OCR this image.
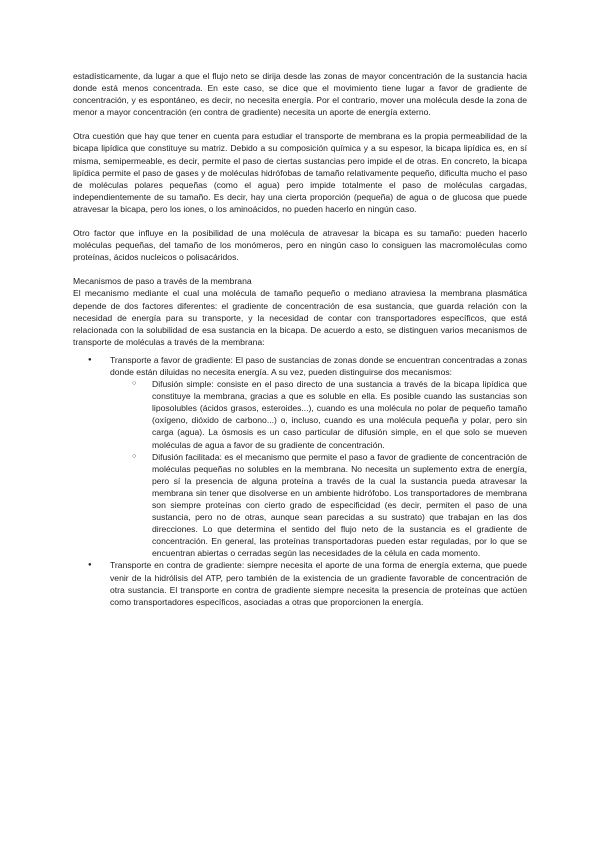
estadísticamente, da lugar a que el flujo neto se dirija desde las zonas de mayor concentración de la sustancia hacia donde está menos concentrada. En este caso, se dice que el movimiento tiene lugar a favor de gradiente de concentración, y es espontáneo, es decir, no necesita energía. Por el contrario, mover una molécula desde la zona de menor a mayor concentración (en contra de gradiente) necesita un aporte de energía externo.

Otra cuestión que hay que tener en cuenta para estudiar el transporte de membrana es la propia permeabilidad de la bicapa lipídica que constituye su matriz. Debido a su composición química y a su espesor, la bicapa lipídica es, en sí misma, semipermeable, es decir, permite el paso de ciertas sustancias pero impide el de otras. En concreto, la bicapa lipídica permite el paso de gases y de moléculas hidrófobas de tamaño relativamente pequeño, dificulta mucho el paso de moléculas polares pequeñas (como el agua) pero impide totalmente el paso de moléculas cargadas, independientemente de su tamaño. Es decir, hay una cierta proporción (pequeña) de agua o de glucosa que puede atravesar la bicapa, pero los iones, o los aminoácidos, no pueden hacerlo en ningún caso.

Otro factor que influye en la posibilidad de una molécula de atravesar la bicapa es su tamaño: pueden hacerlo moléculas pequeñas, del tamaño de los monómeros, pero en ningún caso lo consiguen las macromoléculas como proteínas, ácidos nucleicos o polisacáridos.

Mecanismos de paso a través de la membrana

El mecanismo mediante el cual una molécula de tamaño pequeño o mediano atraviesa la membrana plasmática depende de dos factores diferentes: el gradiente de concentración de esa sustancia, que guarda relación con la necesidad de energía para su transporte, y la necesidad de contar con transportadores específicos, que está relacionada con la solubilidad de esa sustancia en la bicapa. De acuerdo a esto, se distinguen varios mecanismos de transporte de moléculas a través de la membrana:

● Transporte a favor de gradiente: El paso de sustancias de zonas donde se encuentran concentradas a zonas donde están diluidas no necesita energía. A su vez, pueden distinguirse dos mecanismos:
○ Difusión simple: consiste en el paso directo de una sustancia a través de la bicapa lipídica que constituye la membrana, gracias a que es soluble en ella. Es posible cuando las sustancias son liposolubles (ácidos grasos, esteroides...), cuando es una molécula no polar de pequeño tamaño (oxígeno, dióxido de carbono...) o, incluso, cuando es una molécula pequeña y polar, pero sin carga (agua). La ósmosis es un caso particular de difusión simple, en el que solo se mueven moléculas de agua a favor de su gradiente de concentración.
○ Difusión facilitada: es el mecanismo que permite el paso a favor de gradiente de concentración de moléculas pequeñas no solubles en la membrana. No necesita un suplemento extra de energía, pero sí la presencia de alguna proteína a través de la cual la sustancia pueda atravesar la membrana sin tener que disolverse en un ambiente hidrófobo. Los transportadores de membrana son siempre proteínas con cierto grado de especificidad (es decir, permiten el paso de una sustancia, pero no de otras, aunque sean parecidas a su sustrato) que trabajan en las dos direcciones. Lo que determina el sentido del flujo neto de la sustancia es el gradiente de concentración. En general, las proteínas transportadoras pueden estar reguladas, por lo que se encuentran abiertas o cerradas según las necesidades de la célula en cada momento.
● Transporte en contra de gradiente: siempre necesita el aporte de una forma de energía externa, que puede venir de la hidrólisis del ATP, pero también de la existencia de un gradiente favorable de concentración de otra sustancia. El transporte en contra de gradiente siempre necesita la presencia de proteínas que actúen como transportadores específicos, asociadas a otras que proporcionen la energía.
